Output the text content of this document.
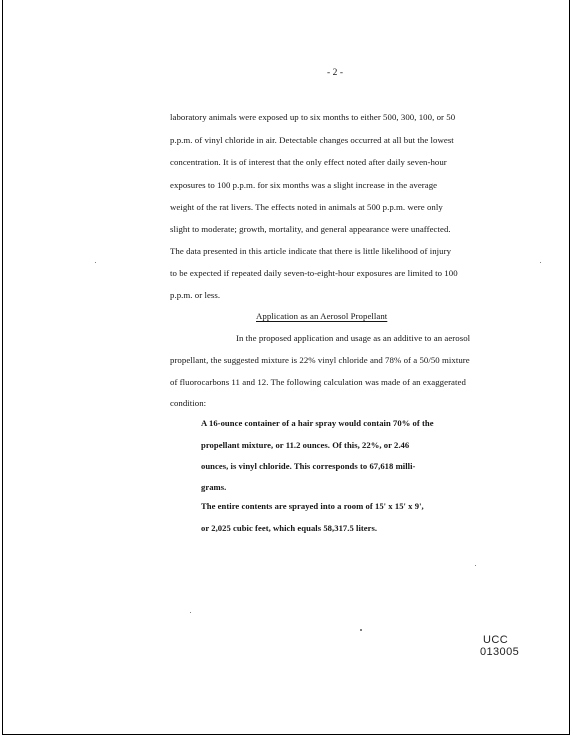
- 2 -
laboratory animals were exposed up to six months to either 500, 300, 100, or 50
p.p.m. of vinyl chloride in air. Detectable changes occurred at all but the lowest
concentration. It is of interest that the only effect noted after daily seven-hour
exposures to 100 p.p.m. for six months was a slight increase in the average
weight of the rat livers. The effects noted in animals at 500 p.p.m. were only
slight to moderate; growth, mortality, and general appearance were unaffected.
The data presented in this article indicate that there is little likelihood of injury
to be expected if repeated daily seven-to-eight-hour exposures are limited to 100
p.p.m. or less.
Application as an Aerosol Propellant
In the proposed application and usage as an additive to an aerosol
propellant, the suggested mixture is 22% vinyl chloride and 78% of a 50/50 mixture
of fluorocarbons 11 and 12. The following calculation was made of an exaggerated
condition:
A 16-ounce container of a hair spray would contain 70% of the
propellant mixture, or 11.2 ounces. Of this, 22%, or 2.46
ounces, is vinyl chloride. This corresponds to 67,618 milli-
grams.
The entire contents are sprayed into a room of 15' x 15' x 9',
or 2,025 cubic feet, which equals 58,317.5 liters.
UCC
013005
